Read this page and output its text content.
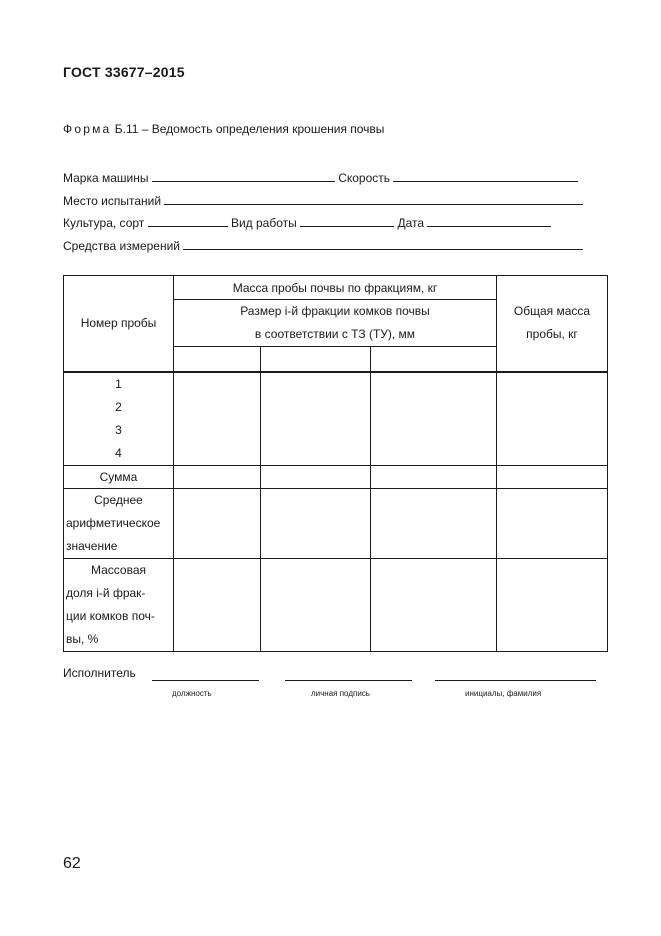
ГОСТ 33677–2015
Форма Б.11 – Ведомость определения крошения почвы
Марка машины	Скорость
Место испытаний
Культура, сорт	Вид работы	Дата
Средства измерений
Номер пробы	Масса пробы почвы по фракциям, кг			Общая масса
пробы, кг

	Размер i-й фракции комков почвы
в соответствии с ТЗ (ТУ), мм			

1
2
3
4				

Сумма				

Среднее
арифметическое
значение				

Массовая
доля i-й фрак-
ции комков поч-
вы, %				

Исполнитель
должность	личная подпись	инициалы, фамилия
62
